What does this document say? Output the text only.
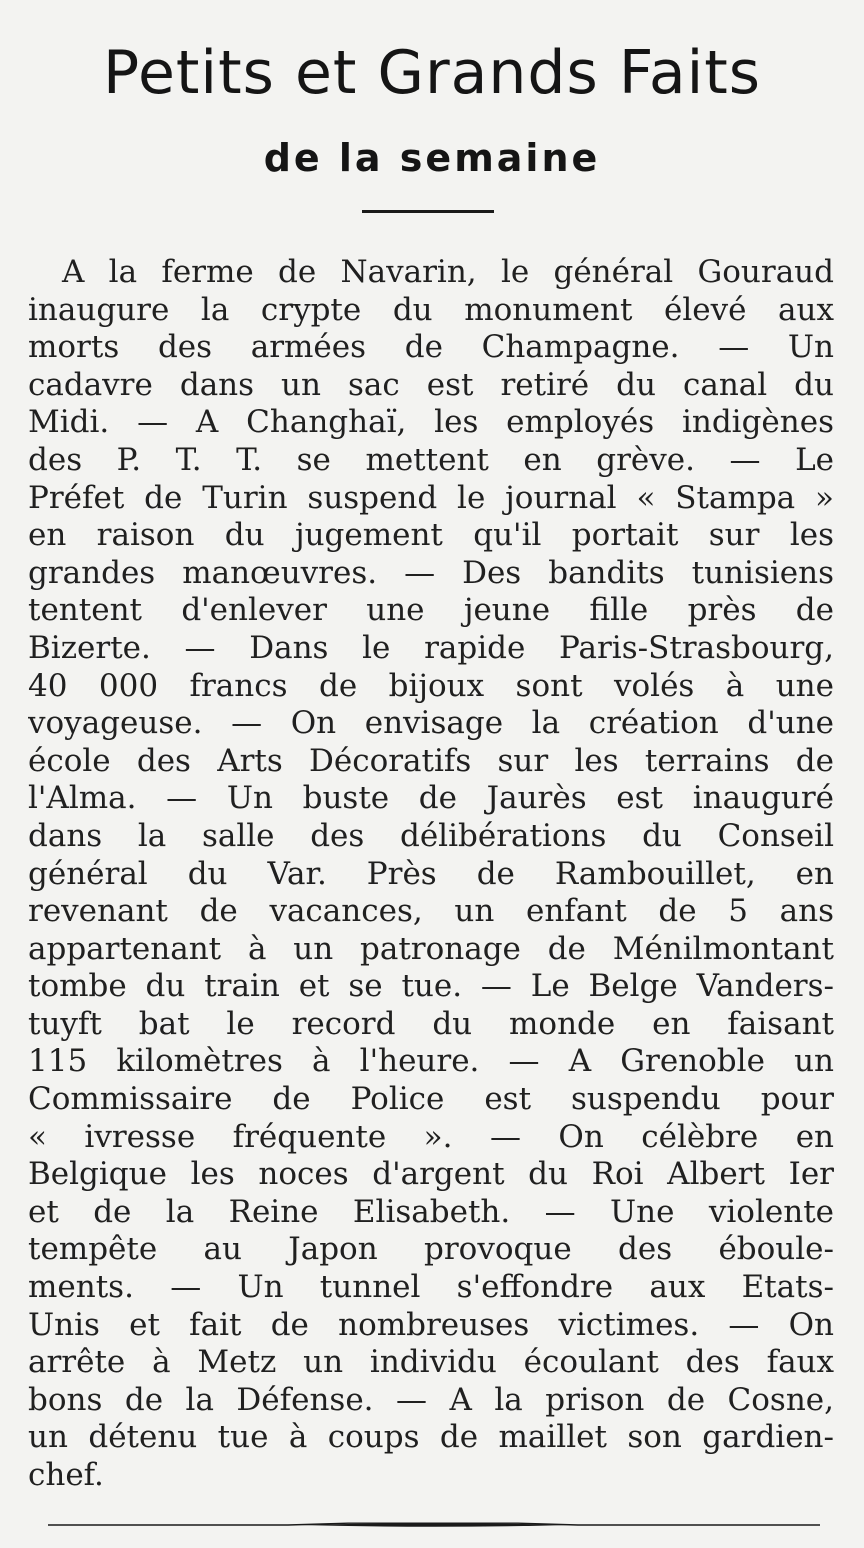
Petits et Grands Faits
de la semaine
A la ferme de Navarin, le général Gouraud
inaugure la crypte du monument élevé aux
morts des armées de Champagne. — Un
cadavre dans un sac est retiré du canal du
Midi. — A Changhaï, les employés indigènes
des P. T. T. se mettent en grève. — Le
Préfet de Turin suspend le journal « Stampa »
en raison du jugement qu'il portait sur les
grandes manœuvres. — Des bandits tunisiens
tentent d'enlever une jeune fille près de
Bizerte. — Dans le rapide Paris-Strasbourg,
40 000 francs de bijoux sont volés à une
voyageuse. — On envisage la création d'une
école des Arts Décoratifs sur les terrains de
l'Alma. — Un buste de Jaurès est inauguré
dans la salle des délibérations du Conseil
général du Var. Près de Rambouillet, en
revenant de vacances, un enfant de 5 ans
appartenant à un patronage de Ménilmontant
tombe du train et se tue. — Le Belge Vanders-
tuyft bat le record du monde en faisant
115 kilomètres à l'heure. — A Grenoble un
Commissaire de Police est suspendu pour
« ivresse fréquente ». — On célèbre en
Belgique les noces d'argent du Roi Albert Ier
et de la Reine Elisabeth. — Une violente
tempête au Japon provoque des éboule-
ments. — Un tunnel s'effondre aux Etats-
Unis et fait de nombreuses victimes. — On
arrête à Metz un individu écoulant des faux
bons de la Défense. — A la prison de Cosne,
un détenu tue à coups de maillet son gardien-
chef.
